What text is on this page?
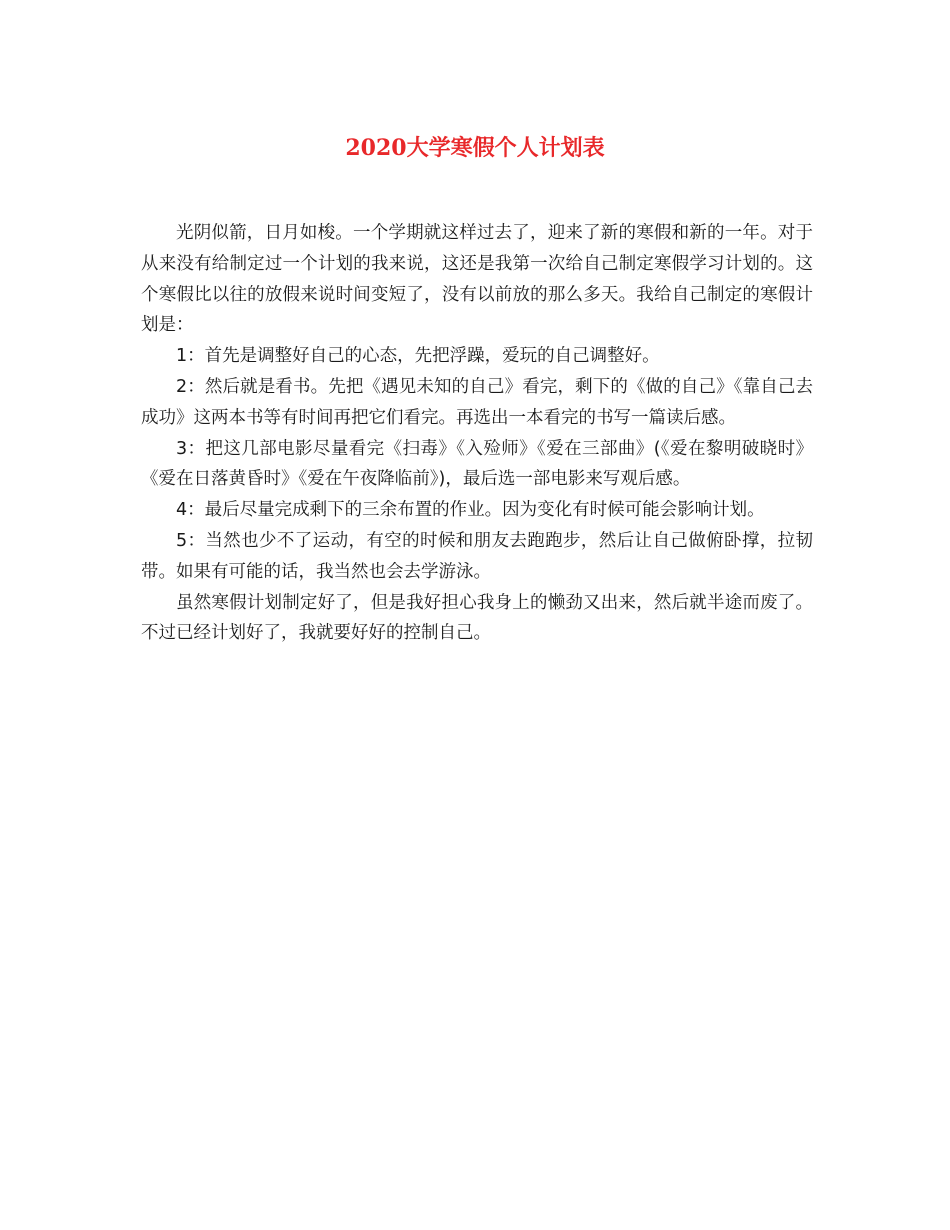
2020大学寒假个人计划表

光阴似箭，日月如梭。一个学期就这样过去了，迎来了新的寒假和新的一年。对于从来没有给制定过一个计划的我来说，这还是我第一次给自己制定寒假学习计划的。这个寒假比以往的放假来说时间变短了，没有以前放的那么多天。我给自己制定的寒假计划是：

1：首先是调整好自己的心态，先把浮躁，爱玩的自己调整好。

2：然后就是看书。先把《遇见未知的自己》看完，剩下的《做的自己》《靠自己去成功》这两本书等有时间再把它们看完。再选出一本看完的书写一篇读后感。

3：把这几部电影尽量看完《扫毒》《入殓师》《爱在三部曲》(《爱在黎明破晓时》《爱在日落黄昏时》《爱在午夜降临前》)，最后选一部电影来写观后感。

4：最后尽量完成剩下的三余布置的作业。因为变化有时候可能会影响计划。

5：当然也少不了运动，有空的时候和朋友去跑跑步，然后让自己做俯卧撑，拉韧带。如果有可能的话，我当然也会去学游泳。

虽然寒假计划制定好了，但是我好担心我身上的懒劲又出来，然后就半途而废了。不过已经计划好了，我就要好好的控制自己。
